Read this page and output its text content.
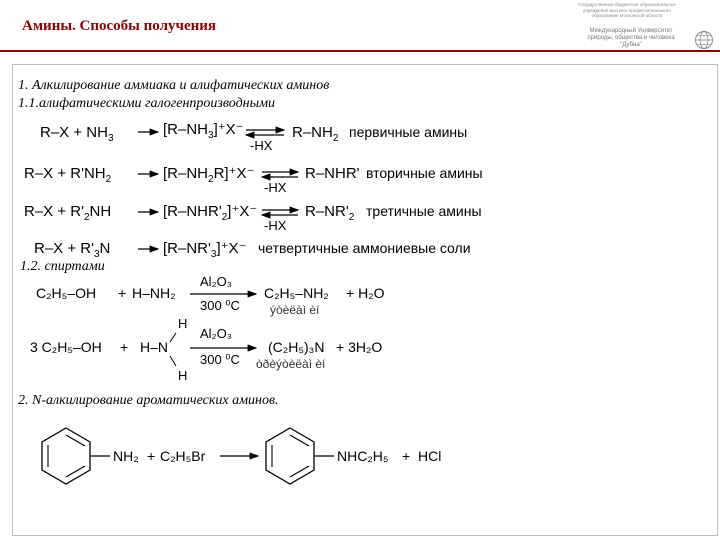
Амины. Способы получения
Государственное бюджетное образовательное
учреждение высшего профессионального
образования Московской области
Международный Университет
природы, общества и человека
"Дубна"
1. Алкилирование аммиака и алифатических аминов
1.1.алифатическими галогенпроизводными
$R-X + NH_3$
$[R-NH_3]^+X^-$
-HX
$R-NH_2$ первичные амины
$R-X + R'NH_2$	$[R-NH_2R]^+X^-$
-HX
R–NHR' вторичные амины
$R-X + R'_2NH$	$[R-NHR'_2]^+X^-$
-HX
$R-NR'_2$ третичные амины
$R-X + R'_3N$	$[R-NR'_3]^+X^-$ четвертичные аммониевые соли
1.2. спиртами
C₂H₅–OH + H–NH₂
Al₂O₃
300 ⁰C
C₂H₅–NH₂ + H₂O
ýòèëàì èí
3 C₂H₅–OH +
H
H–N
H
Al₂O₃
300 ⁰C
(C₂H₅)₃N + 3H₂O
òðèýòèëàì èí
2. N-алкилирование ароматических аминов.
NH₂ + C₂H₅Br	NHC₂H₅ + HCl
